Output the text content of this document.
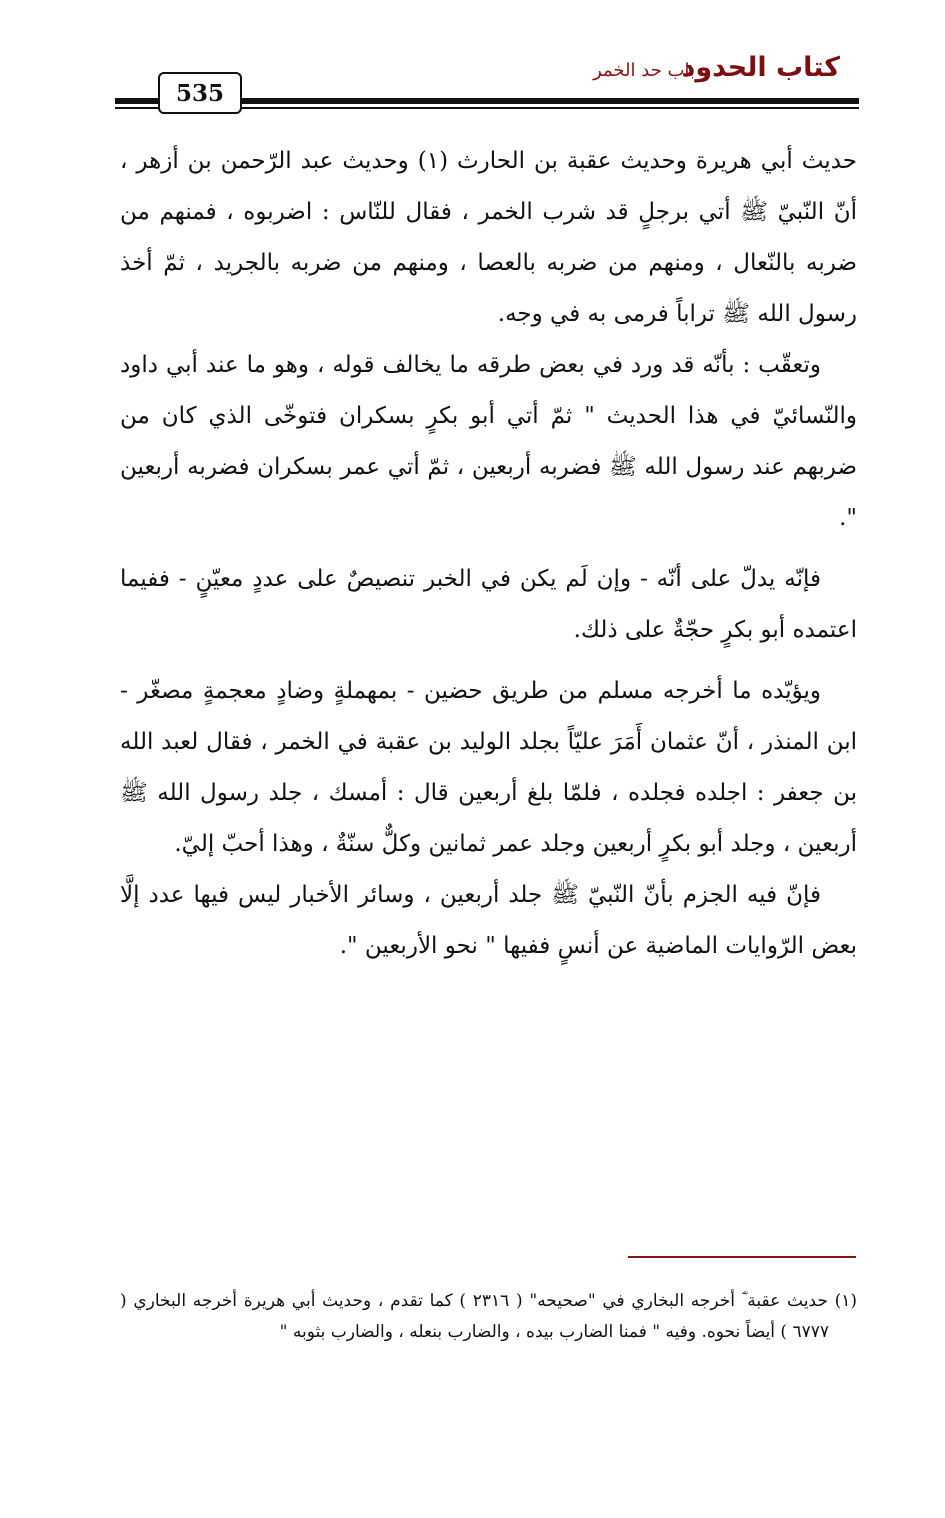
كتاب الحدود
باب حد الخمر
535

حديث أبي هريرة وحديث عقبة بن الحارث (١) وحديث عبد الرّحمن بن أزهر ، أنّ النّبيّ ﷺ أتي برجلٍ قد شرب الخمر ، فقال للنّاس : اضربوه ، فمنهم من ضربه بالنّعال ، ومنهم من ضربه بالعصا ، ومنهم من ضربه بالجريد ، ثمّ أخذ رسول الله ﷺ تراباً فرمى به في وجه.

وتعقّب : بأنّه قد ورد في بعض طرقه ما يخالف قوله ، وهو ما عند أبي داود والنّسائيّ في هذا الحديث " ثمّ أتي أبو بكرٍ بسكران فتوخّى الذي كان من ضربهم عند رسول الله ﷺ فضربه أربعين ، ثمّ أتي عمر بسكران فضربه أربعين ".

فإنّه يدلّ على أنّه - وإن لَم يكن في الخبر تنصيصٌ على عددٍ معيّنٍ - ففيما اعتمده أبو بكرٍ حجّةٌ على ذلك.

ويؤيّده ما أخرجه مسلم من طريق حضين - بمهملةٍ وضادٍ معجمةٍ مصغّر - ابن المنذر ، أنّ عثمان أَمَرَ عليّاً بجلد الوليد بن عقبة في الخمر ، فقال لعبد الله بن جعفر : اجلده فجلده ، فلمّا بلغ أربعين قال : أمسك ، جلد رسول الله ﷺ أربعين ، وجلد أبو بكرٍ أربعين وجلد عمر ثمانين وكلٌّ سنّةٌ ، وهذا أحبّ إليّ.

فإنّ فيه الجزم بأنّ النّبيّ ﷺ جلد أربعين ، وسائر الأخبار ليس فيها عدد إلَّا بعض الرّوايات الماضية عن أنسٍ ففيها " نحو الأربعين ".

(١) حديث عقبة ؓ أخرجه البخاري في "صحيحه" ( ٢٣١٦ ) كما تقدم ، وحديث أبي هريرة أخرجه البخاري ( ٦٧٧٧ ) أيضاً نحوه. وفيه " فمنا الضارب بيده ، والضارب بنعله ، والضارب بثوبه "
